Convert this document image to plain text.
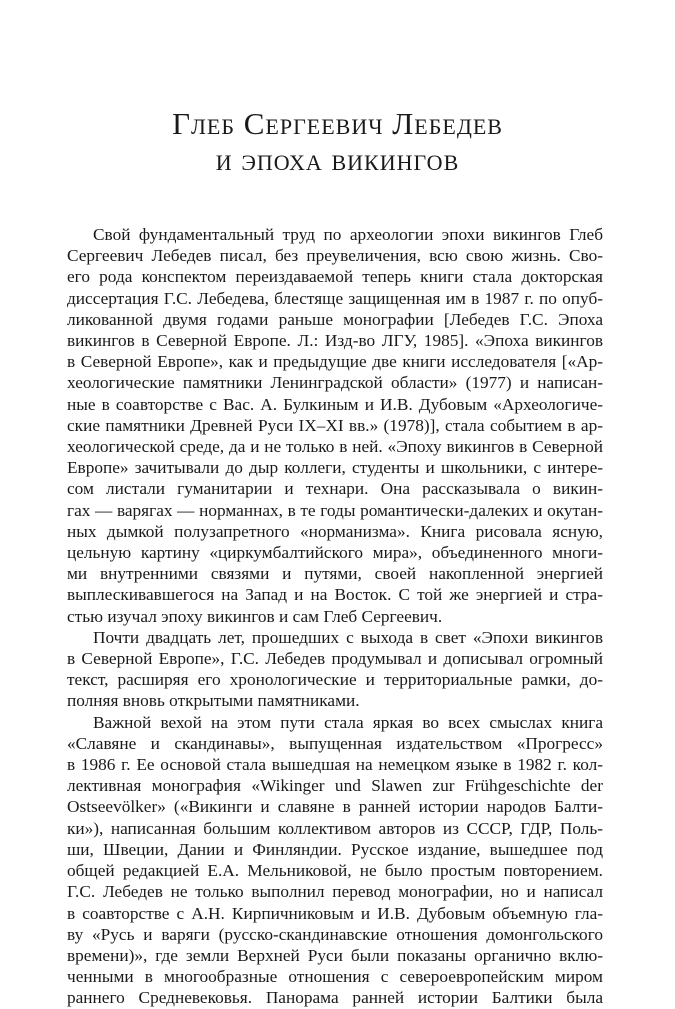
Глеб Сергеевич Лебедев
и эпоха викингов
Свой фундаментальный труд по археологии эпохи викингов Глеб
Сергеевич Лебедев писал, без преувеличения, всю свою жизнь. Сво-
его рода конспектом переиздаваемой теперь книги стала докторская
диссертация Г.С. Лебедева, блестяще защищенная им в 1987 г. по опуб-
ликованной двумя годами раньше монографии [Лебедев Г.С. Эпоха
викингов в Северной Европе. Л.: Изд-во ЛГУ, 1985]. «Эпоха викингов
в Северной Европе», как и предыдущие две книги исследователя [«Ар-
хеологические памятники Ленинградской области» (1977) и написан-
ные в соавторстве с Вас. А. Булкиным и И.В. Дубовым «Археологиче-
ские памятники Древней Руси IX–XI вв.» (1978)], стала событием в ар-
хеологической среде, да и не только в ней. «Эпоху викингов в Северной
Европе» зачитывали до дыр коллеги, студенты и школьники, с интере-
сом листали гуманитарии и технари. Она рассказывала о викин-
гах — варягах — норманнах, в те годы романтически-далеких и окутан-
ных дымкой полузапретного «норманизма». Книга рисовала ясную,
цельную картину «циркумбалтийского мира», объединенного многи-
ми внутренними связями и путями, своей накопленной энергией
выплескивавшегося на Запад и на Восток. С той же энергией и стра-
стью изучал эпоху викингов и сам Глеб Сергеевич.
Почти двадцать лет, прошедших с выхода в свет «Эпохи викингов
в Северной Европе», Г.С. Лебедев продумывал и дописывал огромный
текст, расширяя его хронологические и территориальные рамки, до-
полняя вновь открытыми памятниками.
Важной вехой на этом пути стала яркая во всех смыслах книга
«Славяне и скандинавы», выпущенная издательством «Прогресс»
в 1986 г. Ее основой стала вышедшая на немецком языке в 1982 г. кол-
лективная монография «Wikinger und Slawen zur Frühgeschichte der
Ostseevölker» («Викинги и славяне в ранней истории народов Балти-
ки»), написанная большим коллективом авторов из СССР, ГДР, Поль-
ши, Швеции, Дании и Финляндии. Русское издание, вышедшее под
общей редакцией Е.А. Мельниковой, не было простым повторением.
Г.С. Лебедев не только выполнил перевод монографии, но и написал
в соавторстве с А.Н. Кирпичниковым и И.В. Дубовым объемную гла-
ву «Русь и варяги (русско-скандинавские отношения домонгольского
времени)», где земли Верхней Руси были показаны органично вклю-
ченными в многообразные отношения с североевропейским миром
раннего Средневековья. Панорама ранней истории Балтики была
